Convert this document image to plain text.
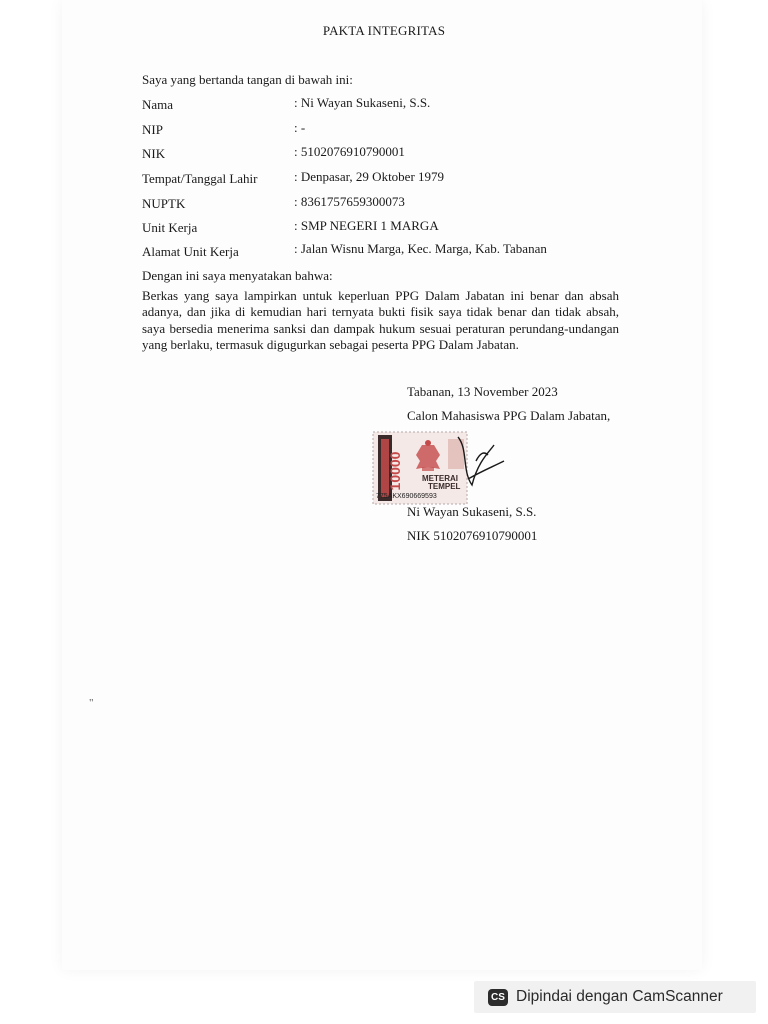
PAKTA INTEGRITAS
Saya yang bertanda tangan di bawah ini:
Nama	: Ni Wayan Sukaseni, S.S.
NIP	: -
NIK	: 5102076910790001
Tempat/Tanggal Lahir	: Denpasar, 29 Oktober 1979
NUPTK	: 8361757659300073
Unit Kerja	: SMP NEGERI 1 MARGA
Alamat Unit Kerja	: Jalan Wisnu Marga, Kec. Marga, Kab. Tabanan
Dengan ini saya menyatakan bahwa:
Berkas yang saya lampirkan untuk keperluan PPG Dalam Jabatan ini benar dan absah adanya, dan jika di kemudian hari ternyata bukti fisik saya tidak benar dan tidak absah, saya bersedia menerima sanksi dan dampak hukum sesuai peraturan perundang-undangan yang berlaku, termasuk digugurkan sebagai peserta PPG Dalam Jabatan.
Tabanan, 13 November 2023
Calon Mahasiswa PPG Dalam Jabatan,
10000 METERAI
TEMPEL
775AKX690669593
Ni Wayan Sukaseni, S.S.
NIK 5102076910790001
"
CS Dipindai dengan CamScanner
